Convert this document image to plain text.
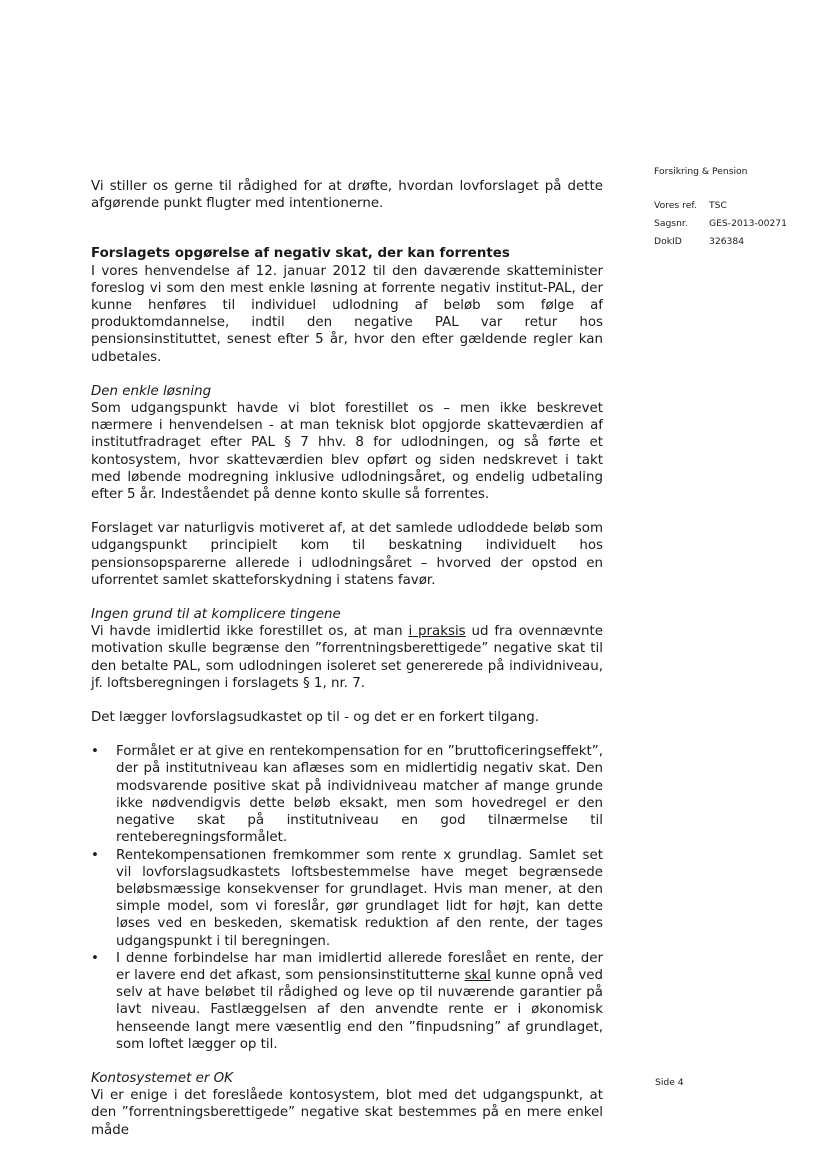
Forsikring & Pension
Vores ref.	TSC
Sagsnr.	GES-2013-00271
DokID	326384

Vi stiller os gerne til rådighed for at drøfte, hvordan lovforslaget på dette afgørende punkt flugter med intentionerne.

Forslagets opgørelse af negativ skat, der kan forrentes

I vores henvendelse af 12. januar 2012 til den daværende skatteminister foreslog vi som den mest enkle løsning at forrente negativ institut-PAL, der kunne henføres til individuel udlodning af beløb som følge af produktomdannelse, indtil den negative PAL var retur hos pensionsinstituttet, senest efter 5 år, hvor den efter gældende regler kan udbetales.

Den enkle løsning

Som udgangspunkt havde vi blot forestillet os – men ikke beskrevet nærmere i henvendelsen - at man teknisk blot opgjorde skatteværdien af institutfradraget efter PAL § 7 hhv. 8 for udlodningen, og så førte et kontosystem, hvor skatteværdien blev opført og siden nedskrevet i takt med løbende modregning inklusive udlodningsåret, og endelig udbetaling efter 5 år. Indeståendet på denne konto skulle så forrentes.

Forslaget var naturligvis motiveret af, at det samlede udloddede beløb som udgangspunkt principielt kom til beskatning individuelt hos pensionsopsparerne allerede i udlodningsåret – hvorved der opstod en uforrentet samlet skatteforskydning i statens favør.

Ingen grund til at komplicere tingene

Vi havde imidlertid ikke forestillet os, at man i praksis ud fra ovennævnte motivation skulle begrænse den ”forrentningsberettigede” negative skat til den betalte PAL, som udlodningen isoleret set genererede på individniveau, jf. loftsberegningen i forslagets § 1, nr. 7.

Det lægger lovforslagsudkastet op til - og det er en forkert tilgang.

•	Formålet er at give en rentekompensation for en ”bruttoficeringseffekt”, der på institutniveau kan aflæses som en midlertidig negativ skat. Den modsvarende positive skat på individniveau matcher af mange grunde ikke nødvendigvis dette beløb eksakt, men som hovedregel er den negative skat på institutniveau en god tilnærmelse til renteberegningsformålet.
•	Rentekompensationen fremkommer som rente x grundlag. Samlet set vil lovforslagsudkastets loftsbestemmelse have meget begrænsede beløbsmæssige konsekvenser for grundlaget. Hvis man mener, at den simple model, som vi foreslår, gør grundlaget lidt for højt, kan dette løses ved en beskeden, skematisk reduktion af den rente, der tages udgangspunkt i til beregningen.
•	I denne forbindelse har man imidlertid allerede foreslået en rente, der er lavere end det afkast, som pensionsinstitutterne skal kunne opnå ved selv at have beløbet til rådighed og leve op til nuværende garantier på lavt niveau. Fastlæggelsen af den anvendte rente er i økonomisk henseende langt mere væsentlig end den ”finpudsning” af grundlaget, som loftet lægger op til.

Kontosystemet er OK

Vi er enige i det foreslåede kontosystem, blot med det udgangspunkt, at den ”forrentningsberettigede” negative skat bestemmes på en mere enkel måde

Side 4
